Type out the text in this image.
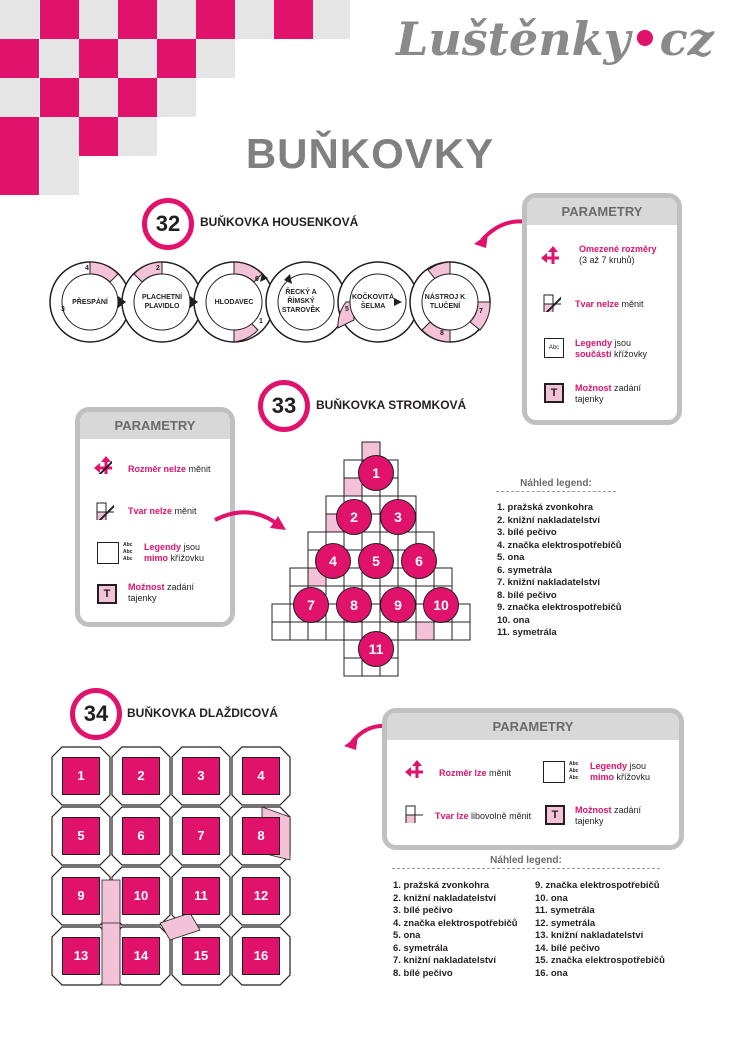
Luštěnky•cz
BUŇKOVKY
32	BUŇKOVKA HOUSENKOVÁ
PŘESPÁNÍ
PLACHETNÍ PLAVIDLO
HLODAVEC
ŘECKÝ A ŘÍMSKÝ STAROVĚK
KOČKOVITÁ ŠELMA
NÁSTROJ K TLUČENÍ
4
3
2
6
1
5	7
8
PARAMETRY
Omezené rozměry
(3 až 7 kruhů)
Tvar nelze měnit
Abc	Legendy jsou
součástí křížovky
T	Možnost zadání tajenky
33	BUŇKOVKA STROMKOVÁ
PARAMETRY
Rozměr nelze měnit
Tvar nelze měnit
Abc Abc Abc
Legendy jsou
mimo křížovku
T
Možnost zadání tajenky
1
2	3
4	5	6
7	8	9	10
11
Náhled legend:
1. pražská zvonkohra
2. knižní nakladatelství
3. bílé pečivo
4. značka elektrospotřebičů
5. ona
6. symetrála
7. knižní nakladatelství
8. bílé pečivo
9. značka elektrospotřebičů
10. ona
11. symetrála
34	BUŇKOVKA DLAŽDICOVÁ
PARAMETRY
Rozměr lze měnit
Abc Abc Abc
Legendy jsou
mimo křížovku
Tvar lze libovolně měnit	T	Možnost zadání tajenky
1	2	3	4
5	6	7	8
9	10	11	12
13	14	15	16
Náhled legend:
1. pražská zvonkohra
2. knižní nakladatelství
3. bílé pečivo
4. značka elektrospotřebičů
5. ona
6. symetrála
7. knižní nakladatelství
8. bílé pečivo
9. značka elektrospotřebičů
10. ona
11. symetrála
12. symetrála
13. knižní nakladatelství
14. bílé pečivo
15. značka elektrospotřebičů
16. ona
